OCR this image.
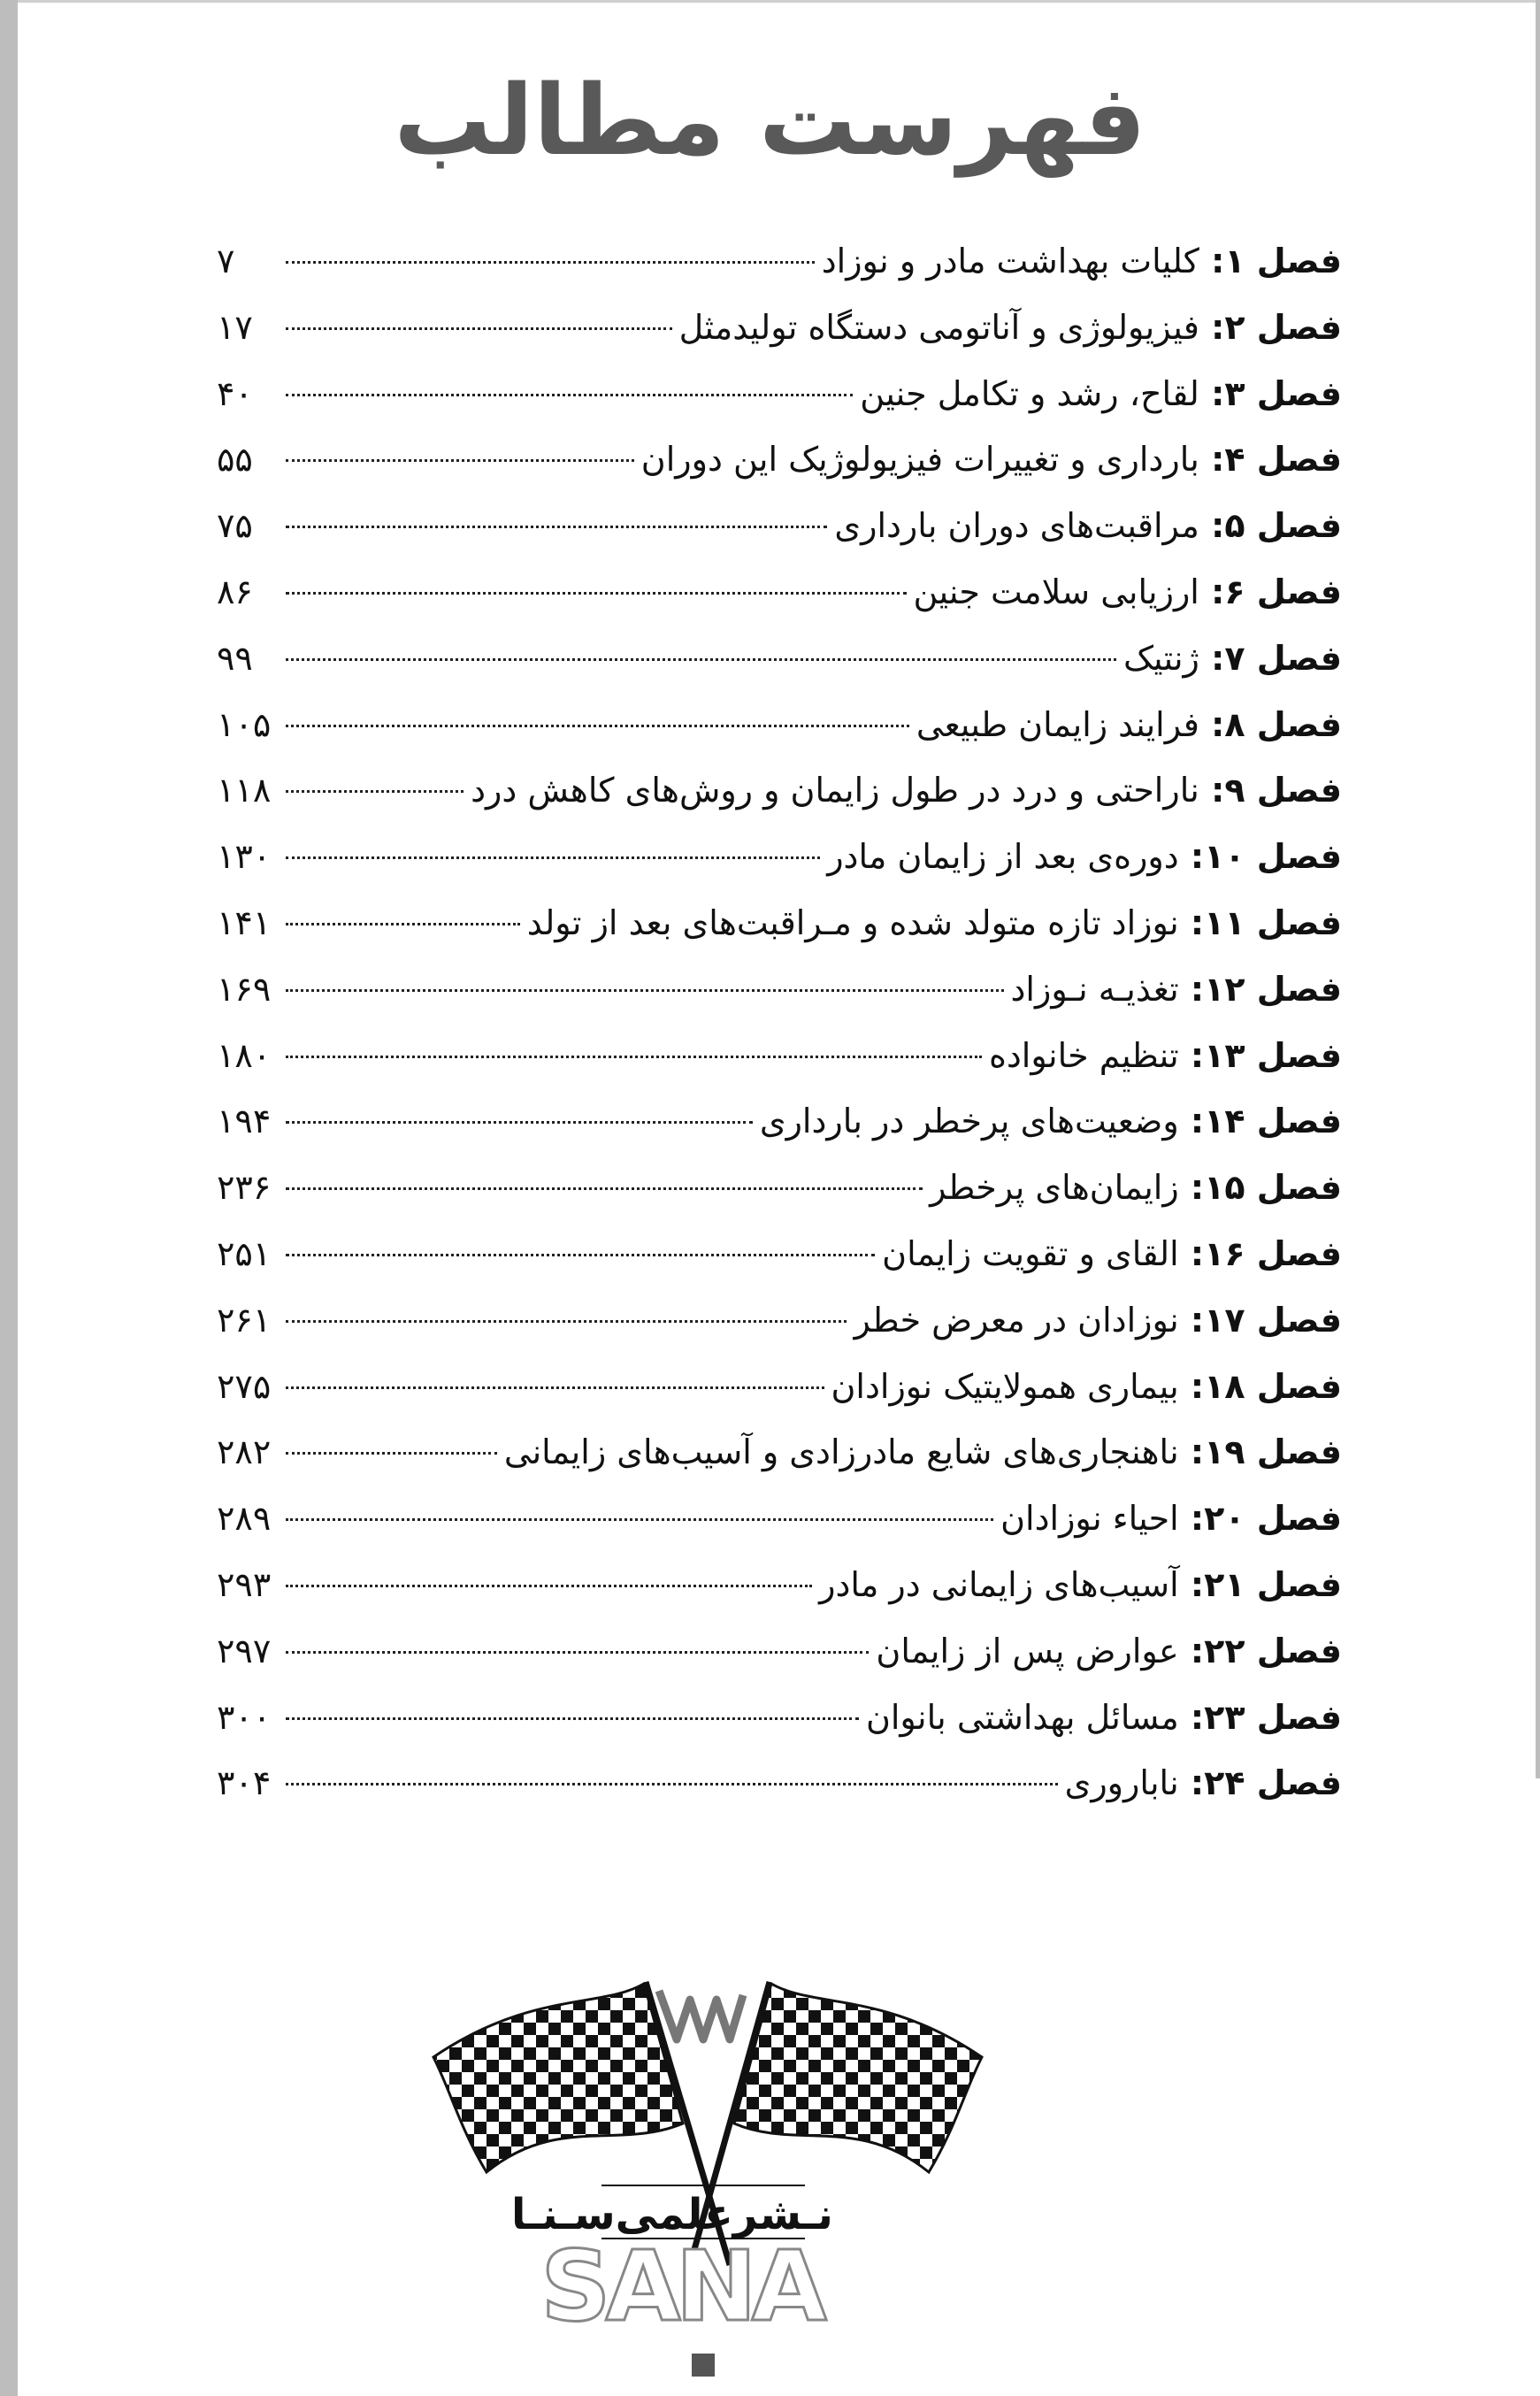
فهرست مطالب
فصل ۱: کلیات بهداشت مادر و نوزاد
۷
فصل ۲: فیزیولوژی و آناتومی دستگاه تولیدمثل
۱۷
فصل ۳: لقاح، رشد و تکامل جنین
۴۰
فصل ۴: بارداری و تغییرات فیزیولوژیک این دوران
۵۵
فصل ۵: مراقبت‌های دوران بارداری
۷۵
فصل ۶: ارزیابی سلامت جنین
۸۶
فصل ۷: ژنتیک
۹۹
فصل ۸: فرایند زایمان طبیعی
۱۰۵
فصل ۹: ناراحتی و درد در طول زایمان و روش‌های کاهش درد
۱۱۸
فصل ۱۰: دوره‌ی بعد از زایمان مادر
۱۳۰
فصل ۱۱: نوزاد تازه متولد شده و مـراقبت‌های بعد از تولد
۱۴۱
فصل ۱۲: تغذیـه نـوزاد
۱۶۹
فصل ۱۳: تنظیم خانواده
۱۸۰
فصل ۱۴: وضعیت‌های پرخطر در بارداری
۱۹۴
فصل ۱۵: زایمان‌های پرخطر
۲۳۶
فصل ۱۶: القای و تقویت زایمان
۲۵۱
فصل ۱۷: نوزادان در معرض خطر
۲۶۱
فصل ۱۸: بیماری همولایتیک نوزادان
۲۷۵
فصل ۱۹: ناهنجاری‌های شایع مادرزادی و آسیب‌های زایمانی
۲۸۲
فصل ۲۰: احیاء نوزادان
۲۸۹
فصل ۲۱: آسیب‌های زایمانی در مادر
۲۹۳
فصل ۲۲: عوارض پس از زایمان
۲۹۷
فصل ۲۳: مسائل بهداشتی بانوان
۳۰۰
فصل ۲۴: ناباروری
۳۰۴
نـشرعلمی‌سـنـا
SANA
